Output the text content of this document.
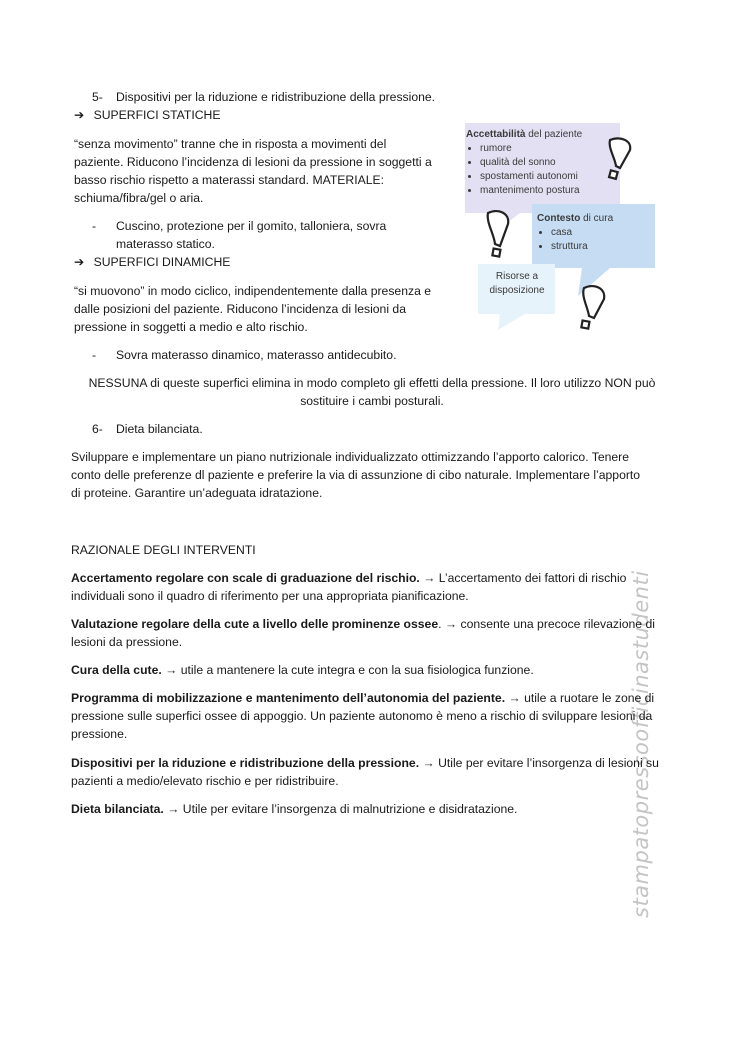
stampatopressoofficinastudenti
5- Dispositivi per la riduzione e ridistribuzione della pressione.
➔ SUPERFICI STATICHE
“senza movimento” tranne che in risposta a movimenti del
paziente. Riducono l’incidenza di lesioni da pressione in soggetti a
basso rischio rispetto a materassi standard. MATERIALE:
schiuma/fibra/gel o aria.
- Cuscino, protezione per il gomito, talloniera, sovra
materasso statico.
➔ SUPERFICI DINAMICHE
“si muovono” in modo ciclico, indipendentemente dalla presenza e
dalle posizioni del paziente. Riducono l’incidenza di lesioni da
pressione in soggetti a medio e alto rischio.
- Sovra materasso dinamico, materasso antidecubito.
NESSUNA di queste superfici elimina in modo completo gli effetti della pressione. Il loro utilizzo NON può
sostituire i cambi posturali.
6- Dieta bilanciata.
Sviluppare e implementare un piano nutrizionale individualizzato ottimizzando l’apporto calorico. Tenere
conto delle preferenze dl paziente e preferire la via di assunzione di cibo naturale. Implementare l’apporto
di proteine. Garantire un’adeguata idratazione.
RAZIONALE DEGLI INTERVENTI
Accertamento regolare con scale di graduazione del rischio. → L’accertamento dei fattori di rischio
individuali sono il quadro di riferimento per una appropriata pianificazione.
Valutazione regolare della cute a livello delle prominenze ossee. → consente una precoce rilevazione di
lesioni da pressione.
Cura della cute. → utile a mantenere la cute integra e con la sua fisiologica funzione.
Programma di mobilizzazione e mantenimento dell’autonomia del paziente. → utile a ruotare le zone di
pressione sulle superfici ossee di appoggio. Un paziente autonomo è meno a rischio di sviluppare lesioni da
pressione.
Dispositivi per la riduzione e ridistribuzione della pressione. → Utile per evitare l’insorgenza di lesioni su
pazienti a medio/elevato rischio e per ridistribuire.
Dieta bilanciata. → Utile per evitare l’insorgenza di malnutrizione e disidratazione.
Accettabilità del paziente
• rumore
• qualità del sonno
• spostamenti autonomi
• mantenimento postura
Contesto di cura
• casa
• struttura
Risorse a
disposizione
